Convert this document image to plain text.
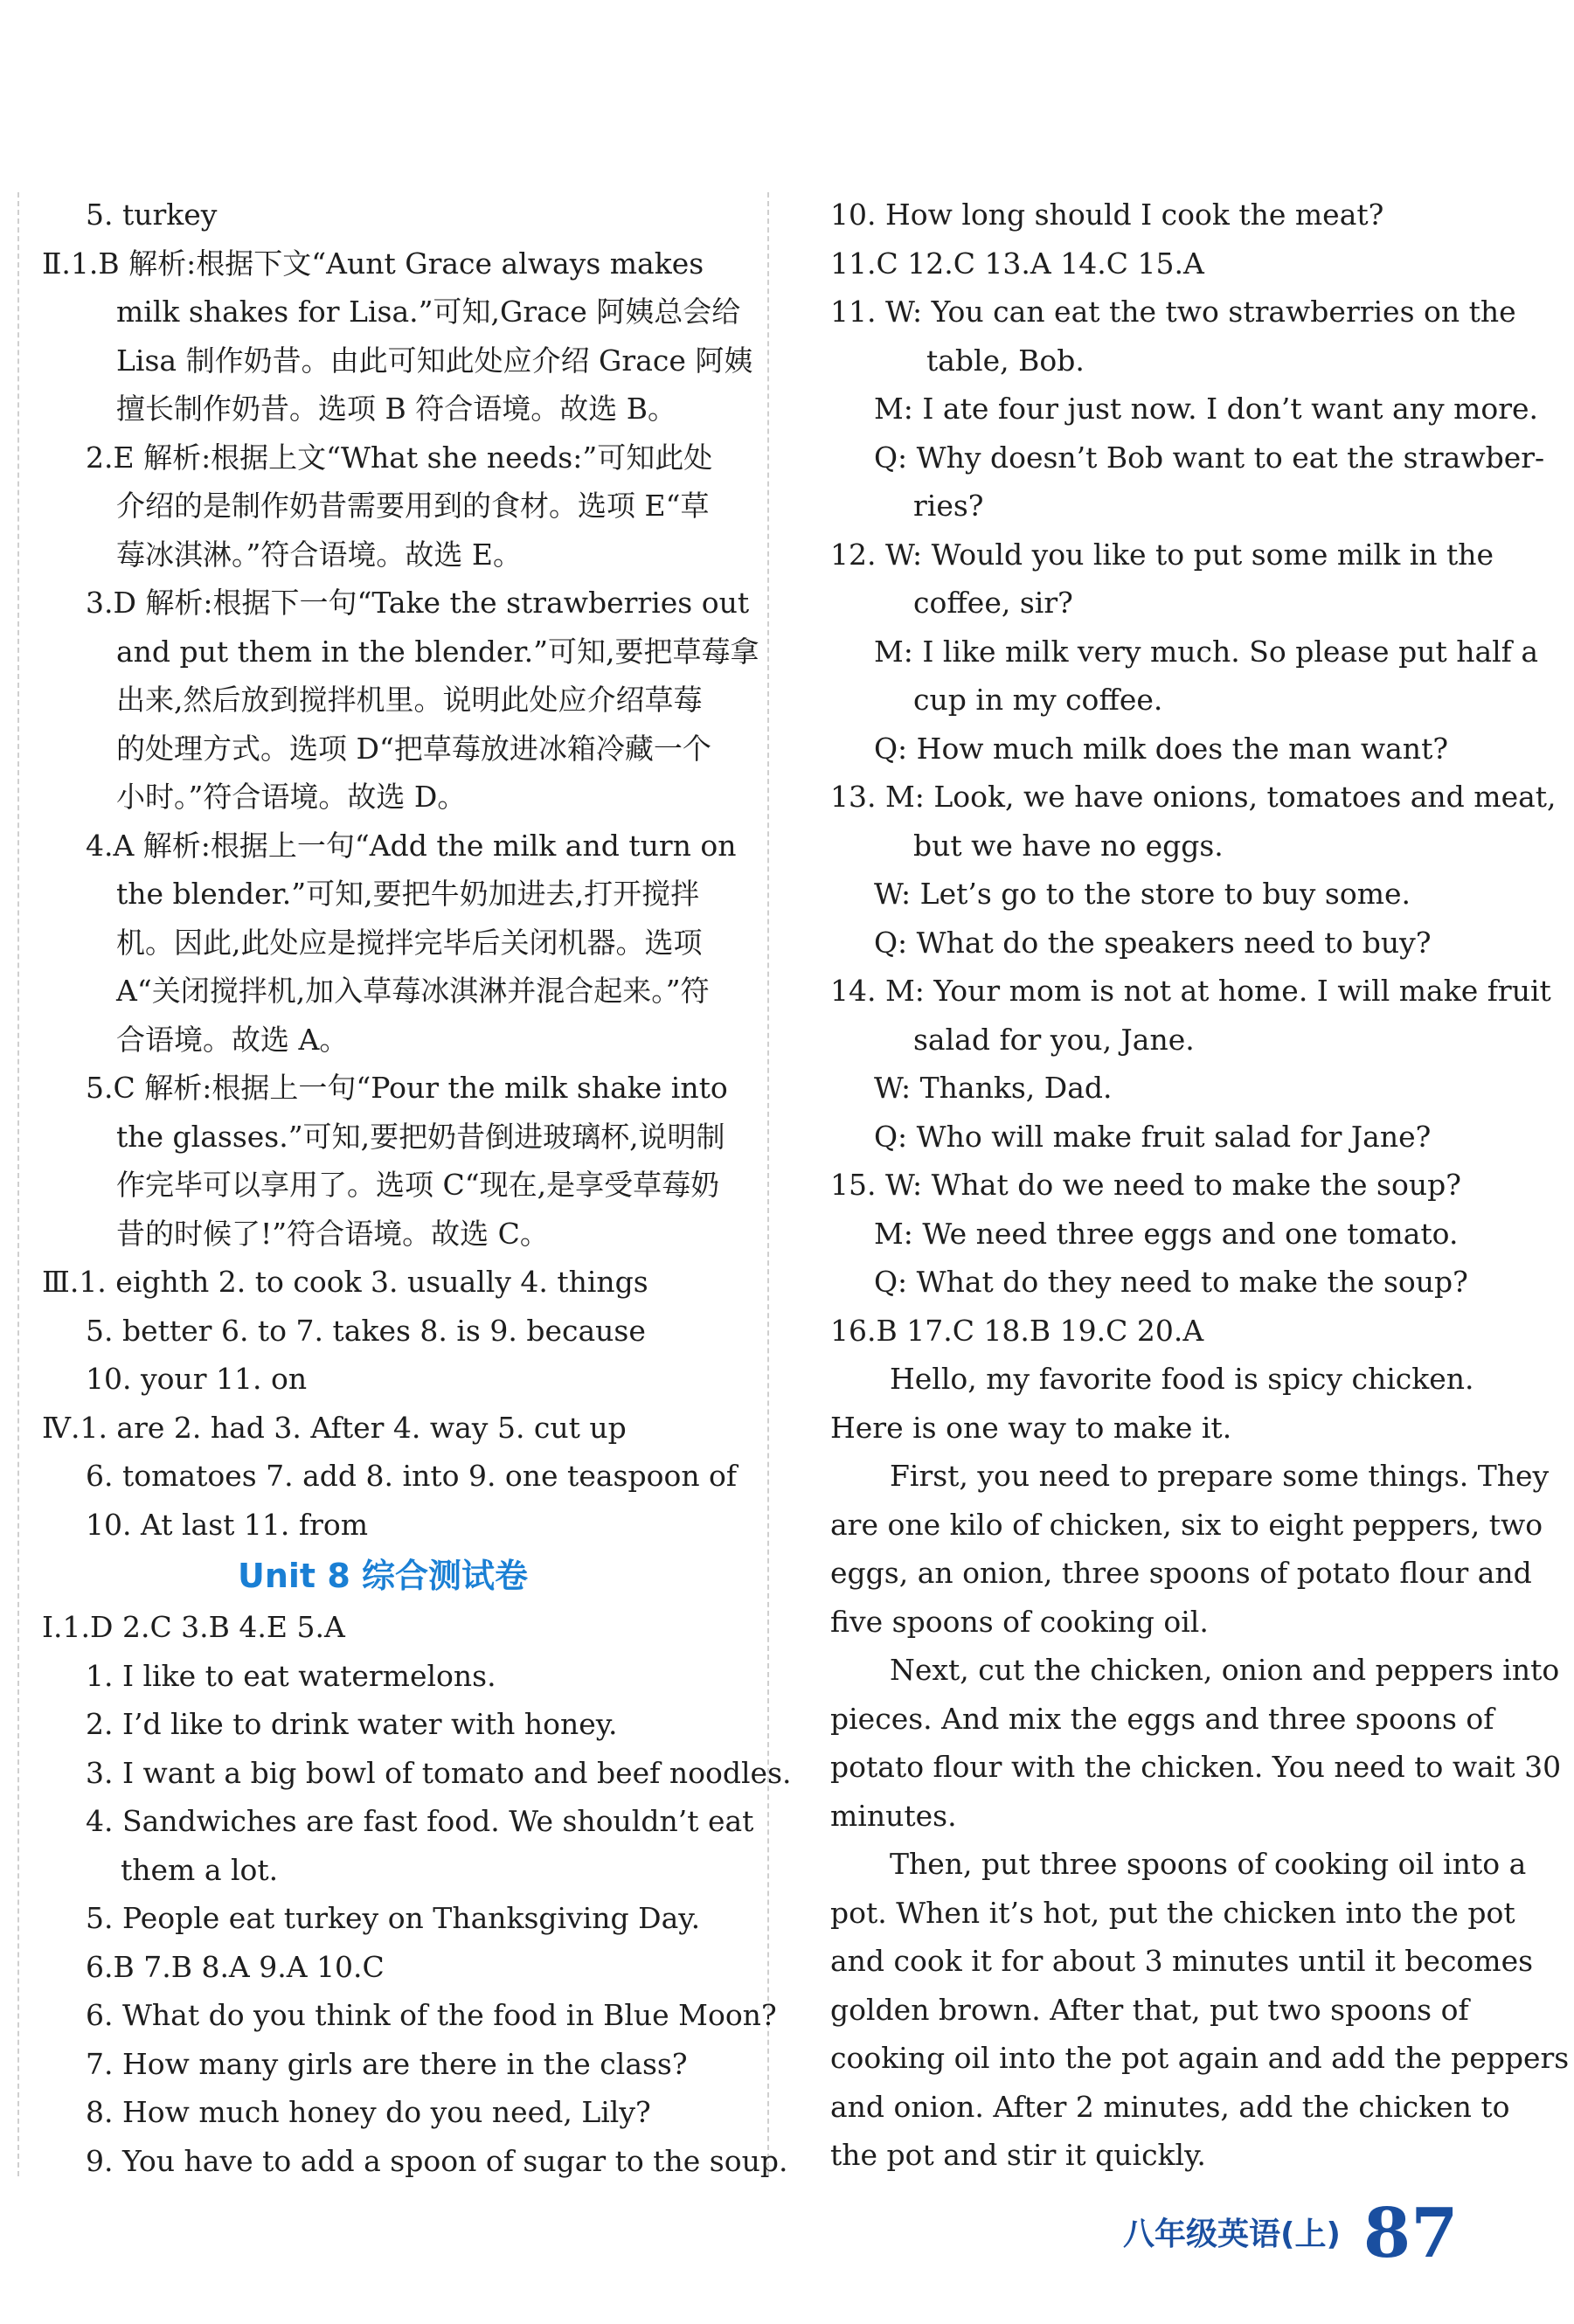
5. turkey
Ⅱ.1.B 解析:根据下文“Aunt Grace always makes
milk shakes for Lisa.”可知,Grace 阿姨总会给
Lisa 制作奶昔。由此可知此处应介绍 Grace 阿姨
擅长制作奶昔。选项 B 符合语境。故选 B。
2.E 解析:根据上文“What she needs:”可知此处
介绍的是制作奶昔需要用到的食材。选项 E“草
莓冰淇淋。”符合语境。故选 E。
3.D 解析:根据下一句“Take the strawberries out
and put them in the blender.”可知,要把草莓拿
出来,然后放到搅拌机里。说明此处应介绍草莓
的处理方式。选项 D“把草莓放进冰箱冷藏一个
小时。”符合语境。故选 D。
4.A 解析:根据上一句“Add the milk and turn on
the blender.”可知,要把牛奶加进去,打开搅拌
机。因此,此处应是搅拌完毕后关闭机器。选项
A“关闭搅拌机,加入草莓冰淇淋并混合起来。”符
合语境。故选 A。
5.C 解析:根据上一句“Pour the milk shake into
the glasses.”可知,要把奶昔倒进玻璃杯,说明制
作完毕可以享用了。选项 C“现在,是享受草莓奶
昔的时候了!”符合语境。故选 C。
Ⅲ.1. eighth 2. to cook 3. usually 4. things
5. better 6. to 7. takes 8. is 9. because
10. your 11. on
Ⅳ.1. are 2. had 3. After 4. way 5. cut up
6. tomatoes 7. add 8. into 9. one teaspoon of
10. At last 11. from
Unit 8 综合测试卷
Ⅰ.1.D 2.C 3.B 4.E 5.A
1. I like to eat watermelons.
2. I’d like to drink water with honey.
3. I want a big bowl of tomato and beef noodles.
4. Sandwiches are fast food. We shouldn’t eat
them a lot.
5. People eat turkey on Thanksgiving Day.
6.B 7.B 8.A 9.A 10.C
6. What do you think of the food in Blue Moon?
7. How many girls are there in the class?
8. How much honey do you need, Lily?
9. You have to add a spoon of sugar to the soup.
10. How long should I cook the meat?
11.C 12.C 13.A 14.C 15.A
11. W: You can eat the two strawberries on the
table, Bob.
M: I ate four just now. I don’t want any more.
Q: Why doesn’t Bob want to eat the strawber-
ries?
12. W: Would you like to put some milk in the
coffee, sir?
M: I like milk very much. So please put half a
cup in my coffee.
Q: How much milk does the man want?
13. M: Look, we have onions, tomatoes and meat,
but we have no eggs.
W: Let’s go to the store to buy some.
Q: What do the speakers need to buy?
14. M: Your mom is not at home. I will make fruit
salad for you, Jane.
W: Thanks, Dad.
Q: Who will make fruit salad for Jane?
15. W: What do we need to make the soup?
M: We need three eggs and one tomato.
Q: What do they need to make the soup?
16.B 17.C 18.B 19.C 20.A
Hello, my favorite food is spicy chicken.
Here is one way to make it.
First, you need to prepare some things. They
are one kilo of chicken, six to eight peppers, two
eggs, an onion, three spoons of potato flour and
five spoons of cooking oil.
Next, cut the chicken, onion and peppers into
pieces. And mix the eggs and three spoons of
potato flour with the chicken. You need to wait 30
minutes.
Then, put three spoons of cooking oil into a
pot. When it’s hot, put the chicken into the pot
and cook it for about 3 minutes until it becomes
golden brown. After that, put two spoons of
cooking oil into the pot again and add the peppers
and onion. After 2 minutes, add the chicken to
the pot and stir it quickly.
八年级英语(上) 87
